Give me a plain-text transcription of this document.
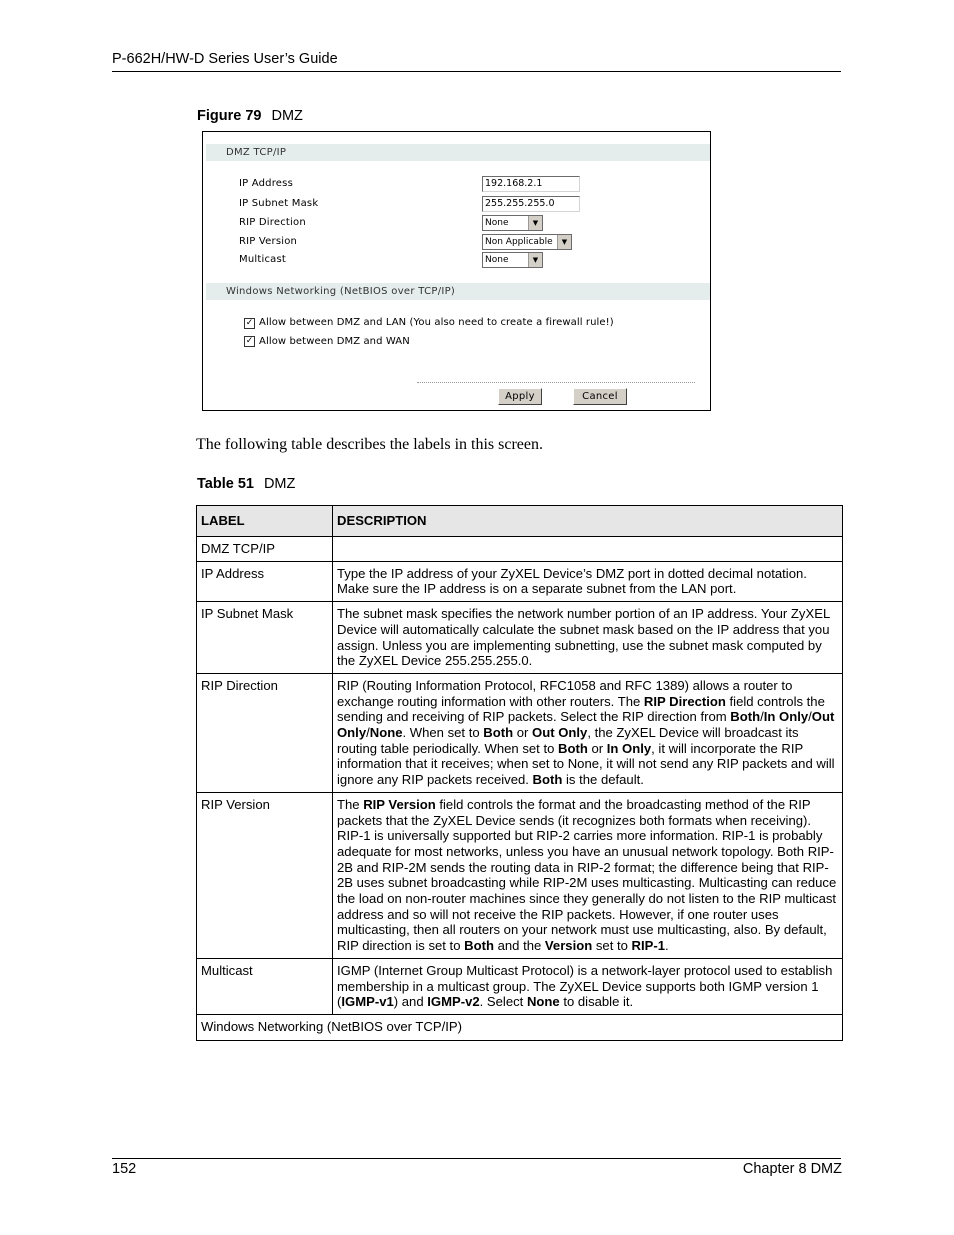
P-662H/HW-D Series User’s Guide
Figure 79 DMZ
DMZ TCP/IP
IP Address	192.168.2.1
IP Subnet Mask	255.255.255.0
RIP Direction	None	▼
RIP Version	Non Applicable	▼
Multicast	None	▼
Windows Networking (NetBIOS over TCP/IP)
✓ Allow between DMZ and LAN (You also need to create a firewall rule!)
✓ Allow between DMZ and WAN
Apply	Cancel
The following table describes the labels in this screen.
Table 51 DMZ
LABEL	DESCRIPTION
DMZ TCP/IP	
IP Address	Type the IP address of your ZyXEL Device’s DMZ port in dotted decimal notation. Make sure the IP address is on a separate subnet from the LAN port.
IP Subnet Mask	The subnet mask specifies the network number portion of an IP address. Your ZyXEL Device will automatically calculate the subnet mask based on the IP address that you assign. Unless you are implementing subnetting, use the subnet mask computed by the ZyXEL Device 255.255.255.0.
RIP Direction	RIP (Routing Information Protocol, RFC1058 and RFC 1389) allows a router to exchange routing information with other routers. The RIP Direction field controls the sending and receiving of RIP packets. Select the RIP direction from Both/In Only/Out Only/None. When set to Both or Out Only, the ZyXEL Device will broadcast its routing table periodically. When set to Both or In Only, it will incorporate the RIP information that it receives; when set to None, it will not send any RIP packets and will ignore any RIP packets received. Both is the default.
RIP Version	The RIP Version field controls the format and the broadcasting method of the RIP packets that the ZyXEL Device sends (it recognizes both formats when receiving). RIP-1 is universally supported but RIP-2 carries more information. RIP-1 is probably adequate for most networks, unless you have an unusual network topology. Both RIP-2B and RIP-2M sends the routing data in RIP-2 format; the difference being that RIP-2B uses subnet broadcasting while RIP-2M uses multicasting. Multicasting can reduce the load on non-router machines since they generally do not listen to the RIP multicast address and so will not receive the RIP packets. However, if one router uses multicasting, then all routers on your network must use multicasting, also. By default, RIP direction is set to Both and the Version set to RIP-1.
Multicast	IGMP (Internet Group Multicast Protocol) is a network-layer protocol used to establish membership in a multicast group. The ZyXEL Device supports both IGMP version 1 (IGMP-v1) and IGMP-v2. Select None to disable it.
Windows Networking (NetBIOS over TCP/IP)	
152	Chapter 8 DMZ
